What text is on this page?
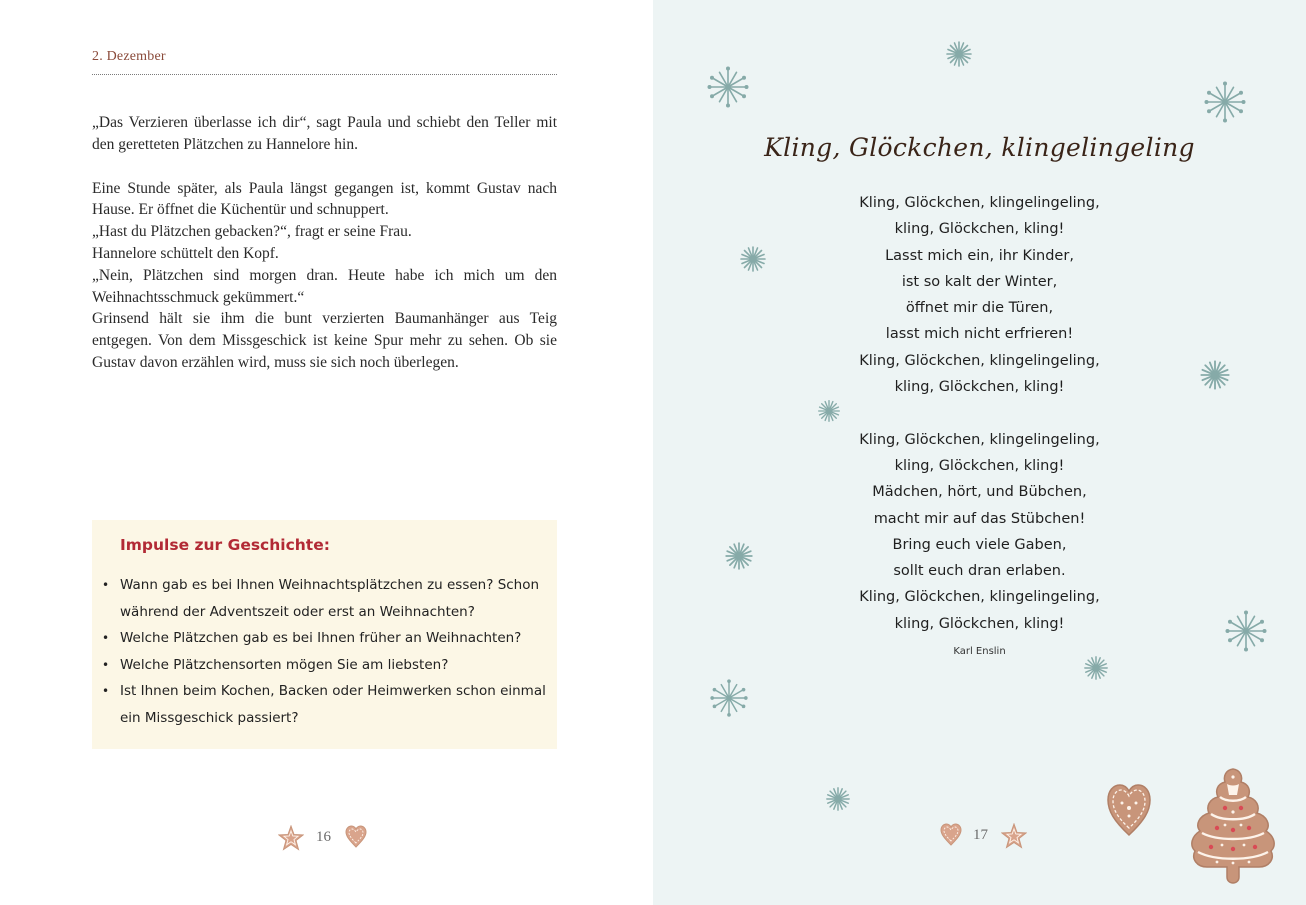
2. Dezember

„Das Verzieren überlasse ich dir“, sagt Paula und schiebt den Teller mit den geretteten Plätzchen zu Hannelore hin.

Eine Stunde später, als Paula längst gegangen ist, kommt Gustav nach Hause. Er öffnet die Küchentür und schnuppert.

„Hast du Plätzchen gebacken?“, fragt er seine Frau.

Hannelore schüttelt den Kopf.

„Nein, Plätzchen sind morgen dran. Heute habe ich mich um den Weihnachtsschmuck gekümmert.“

Grinsend hält sie ihm die bunt verzierten Baumanhänger aus Teig entgegen. Von dem Missgeschick ist keine Spur mehr zu sehen. Ob sie Gustav davon erzählen wird, muss sie sich noch überlegen.

Impulse zur Geschichte:
• Wann gab es bei Ihnen Weihnachtsplätzchen zu essen? Schon während der Adventszeit oder erst an Weihnachten?
• Welche Plätzchen gab es bei Ihnen früher an Weihnachten?
• Welche Plätzchensorten mögen Sie am liebsten?
• Ist Ihnen beim Kochen, Backen oder Heimwerken schon einmal ein Missgeschick passiert?
16
Kling, Glöckchen, klingelingeling
Kling, Glöckchen, klingelingeling,
kling, Glöckchen, kling!
Lasst mich ein, ihr Kinder,
ist so kalt der Winter,
öffnet mir die Türen,
lasst mich nicht erfrieren!
Kling, Glöckchen, klingelingeling,
kling, Glöckchen, kling!
Kling, Glöckchen, klingelingeling,
kling, Glöckchen, kling!
Mädchen, hört, und Bübchen,
macht mir auf das Stübchen!
Bring euch viele Gaben,
sollt euch dran erlaben.
Kling, Glöckchen, klingelingeling,
kling, Glöckchen, kling!
Karl Enslin
17
